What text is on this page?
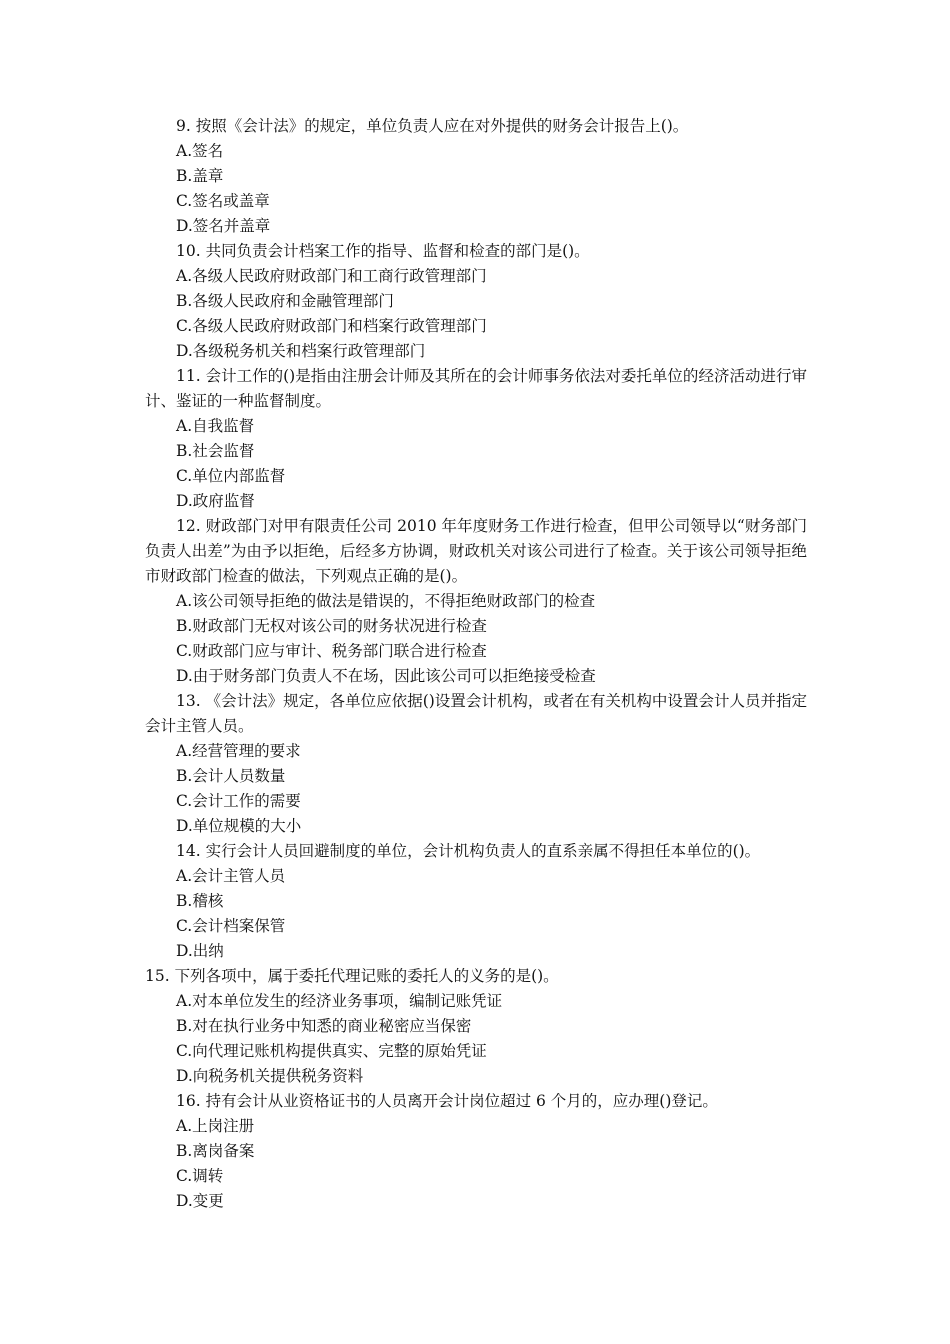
9. 按照《会计法》的规定，单位负责人应在对外提供的财务会计报告上()。

A.签名

B.盖章

C.签名或盖章

D.签名并盖章

10. 共同负责会计档案工作的指导、监督和检查的部门是()。

A.各级人民政府财政部门和工商行政管理部门

B.各级人民政府和金融管理部门

C.各级人民政府财政部门和档案行政管理部门

D.各级税务机关和档案行政管理部门

11. 会计工作的()是指由注册会计师及其所在的会计师事务依法对委托单位的经济活动进行审计、鉴证的一种监督制度。

A.自我监督

B.社会监督

C.单位内部监督

D.政府监督

12. 财政部门对甲有限责任公司 2010 年年度财务工作进行检查，但甲公司领导以“财务部门负责人出差”为由予以拒绝，后经多方协调，财政机关对该公司进行了检查。关于该公司领导拒绝市财政部门检查的做法，下列观点正确的是()。

A.该公司领导拒绝的做法是错误的，不得拒绝财政部门的检查

B.财政部门无权对该公司的财务状况进行检查

C.财政部门应与审计、税务部门联合进行检查

D.由于财务部门负责人不在场，因此该公司可以拒绝接受检查

13. 《会计法》规定，各单位应依据()设置会计机构，或者在有关机构中设置会计人员并指定会计主管人员。

A.经营管理的要求

B.会计人员数量

C.会计工作的需要

D.单位规模的大小

14. 实行会计人员回避制度的单位，会计机构负责人的直系亲属不得担任本单位的()。

A.会计主管人员

B.稽核

C.会计档案保管

D.出纳

15. 下列各项中，属于委托代理记账的委托人的义务的是()。

A.对本单位发生的经济业务事项，编制记账凭证

B.对在执行业务中知悉的商业秘密应当保密

C.向代理记账机构提供真实、完整的原始凭证

D.向税务机关提供税务资料

16. 持有会计从业资格证书的人员离开会计岗位超过 6 个月的，应办理()登记。

A.上岗注册

B.离岗备案

C.调转

D.变更
